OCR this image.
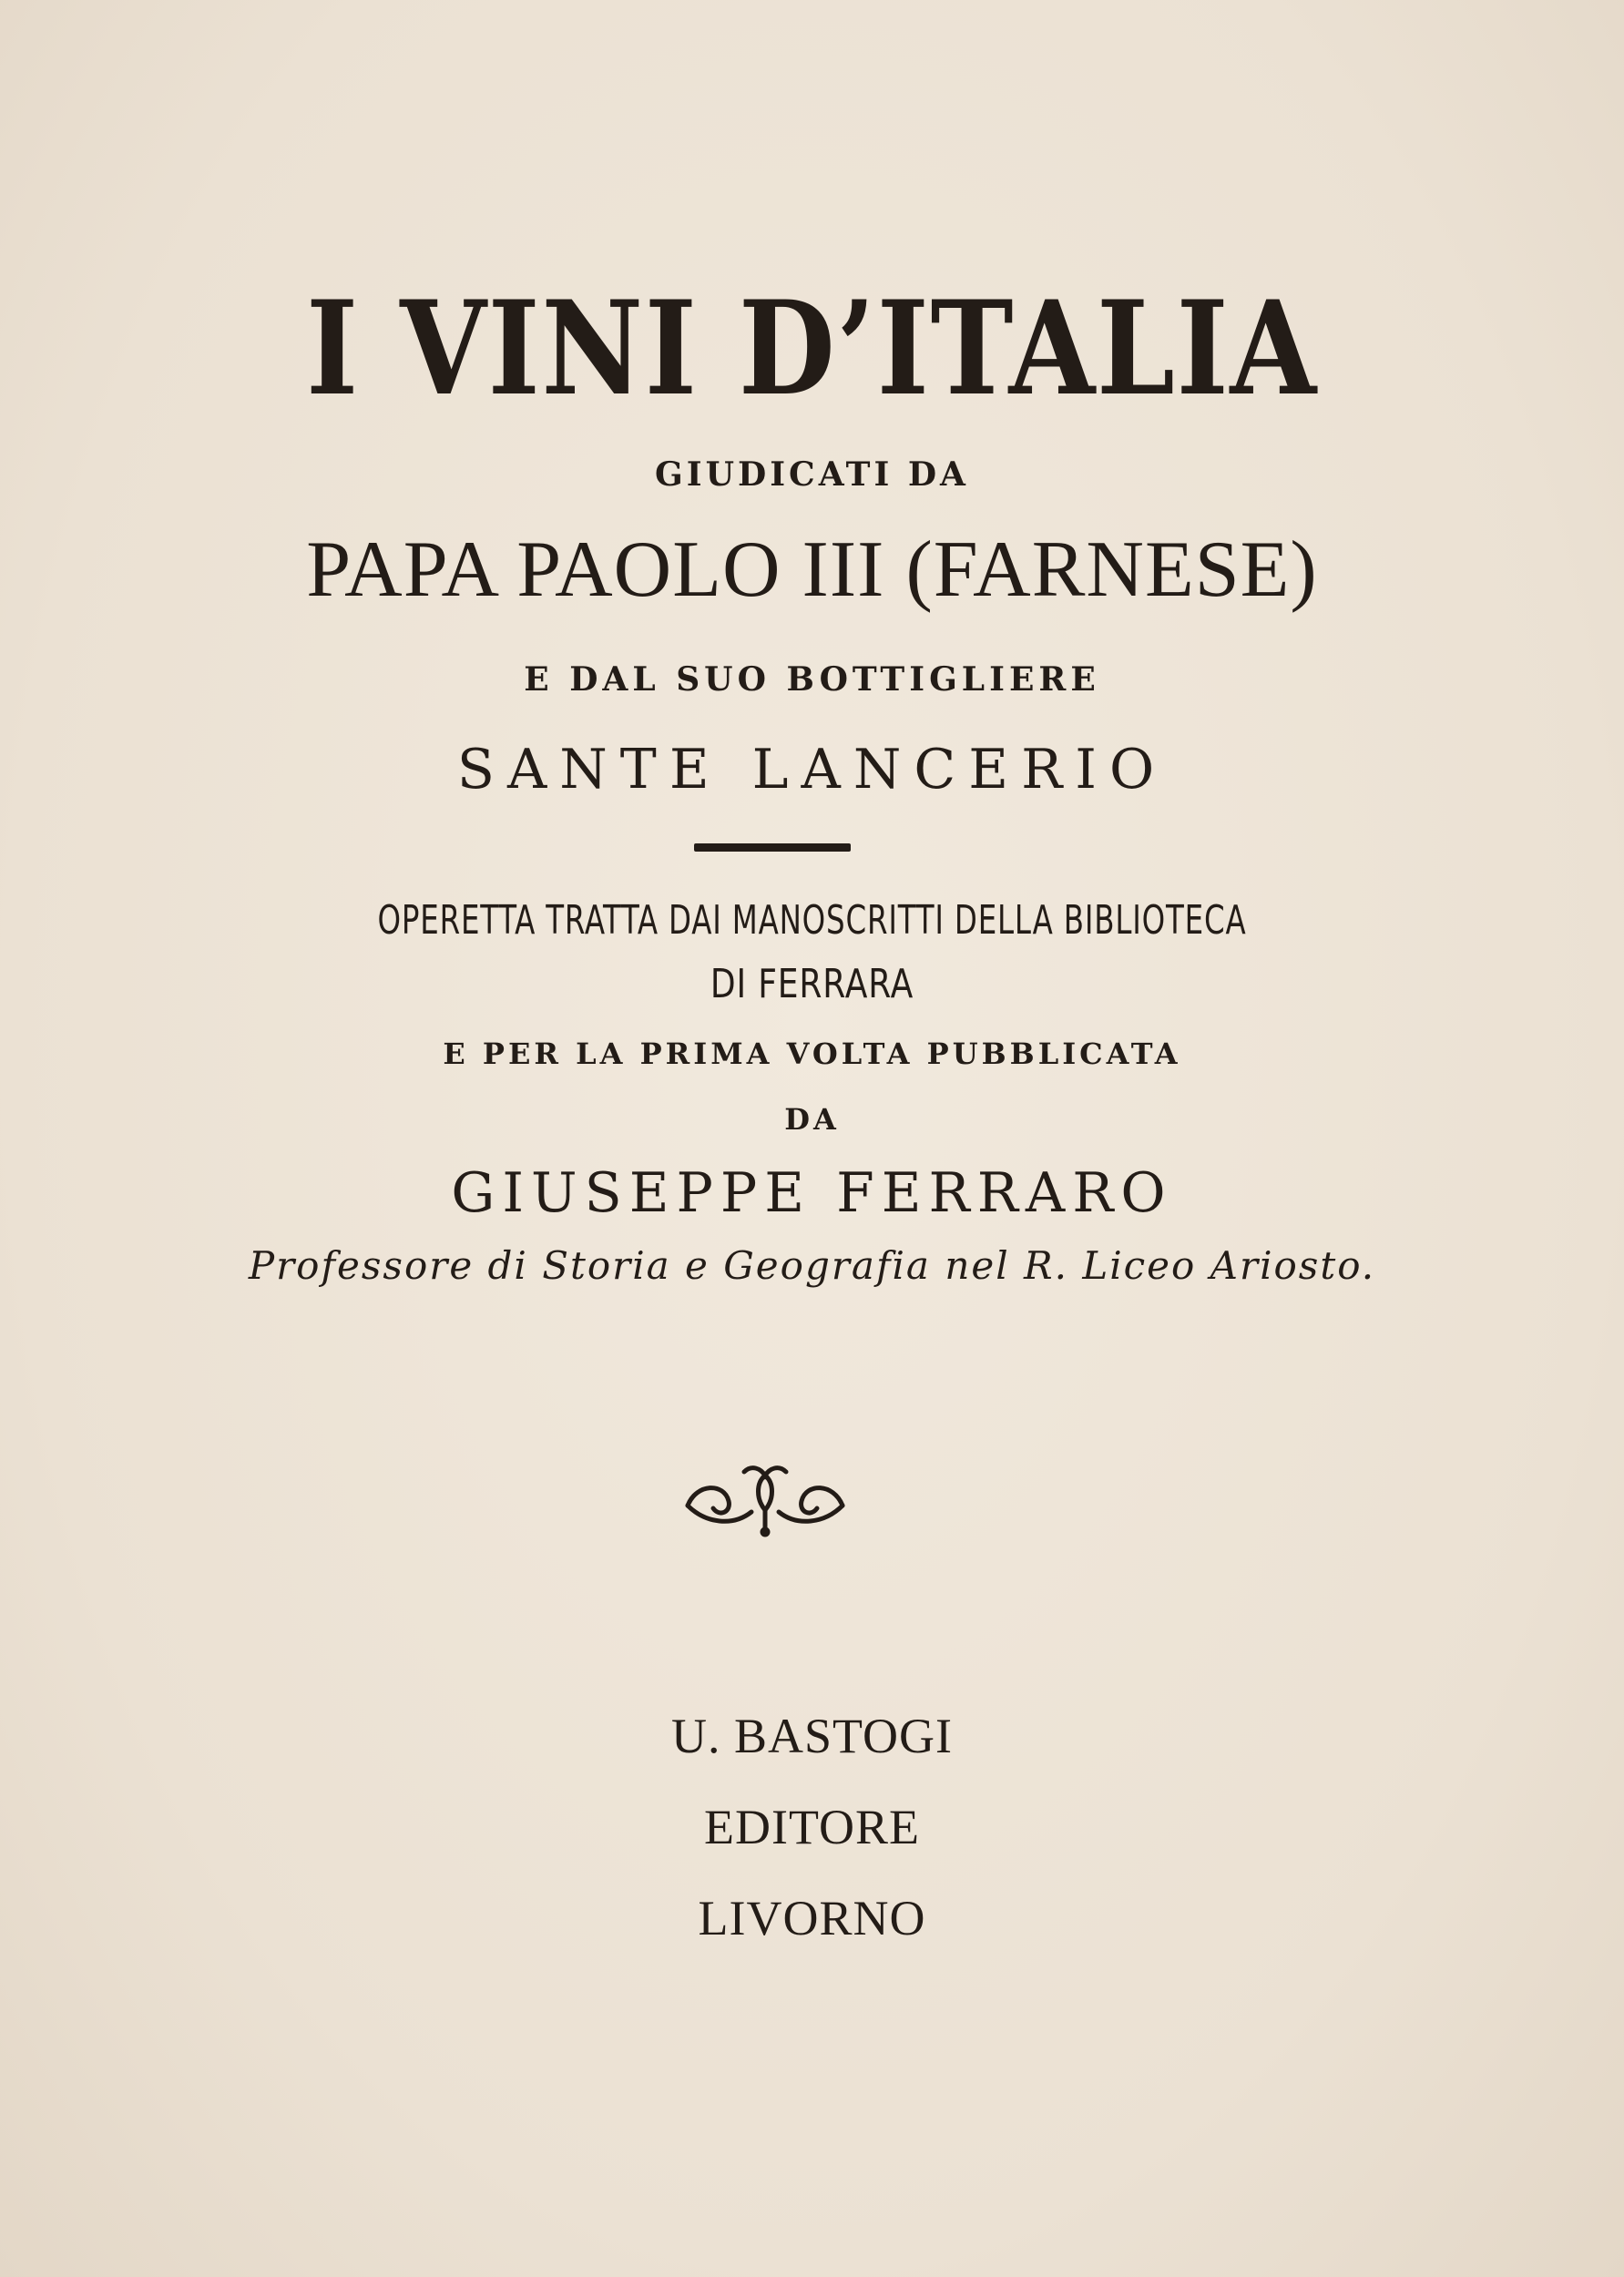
I VINI D’ITALIA
GIUDICATI DA
PAPA PAOLO III (FARNESE)
E DAL SUO BOTTIGLIERE
SANTE LANCERIO
OPERETTA TRATTA DAI MANOSCRITTI DELLA BIBLIOTECA
DI FERRARA
E PER LA PRIMA VOLTA PUBBLICATA
DA
GIUSEPPE FERRARO
Professore di Storia e Geografia nel R. Liceo Ariosto.
U. BASTOGI
EDITORE
LIVORNO
